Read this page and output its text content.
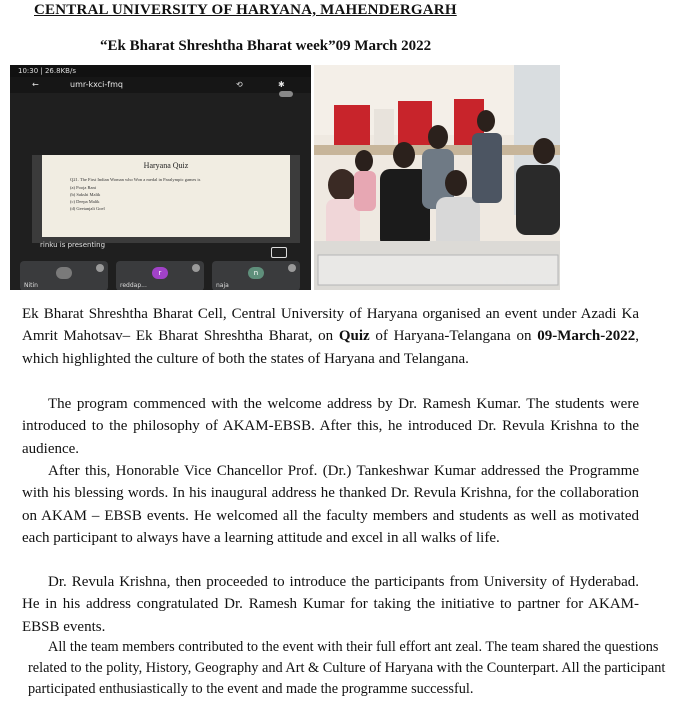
CENTRAL UNIVERSITY OF HARYANA, MAHENDERGARH
“Ek Bharat Shreshtha Bharat week”09 March 2022
10:30 | 26.8KB/s
←	umr-kxci-fmq	⟲	✱
Haryana Quiz
Q21. The First Indian Woman who Won a medal in Paralympic games is
(a) Pooja Rani
(b) Sakshi Malik
(c) Deepa Malik
(d) Geetanjali Goel
rinku is presenting
Nitin
r
reddap...
n
naja	MIXED DUAL CAMERA

Ek Bharat Shreshtha Bharat Cell, Central University of Haryana organised an event under Azadi Ka Amrit Mahotsav– Ek Bharat Shreshtha Bharat, on Quiz of Haryana-Telangana on 09-March-2022, which highlighted the culture of both the states of Haryana and Telangana.

The program commenced with the welcome address by Dr. Ramesh Kumar. The students were introduced to the philosophy of AKAM-EBSB. After this, he introduced Dr. Revula Krishna to the audience.

After this, Honorable Vice Chancellor Prof. (Dr.) Tankeshwar Kumar addressed the Programme with his blessing words. In his inaugural address he thanked Dr. Revula Krishna, for the collaboration on AKAM – EBSB events. He welcomed all the faculty members and students as well as motivated each participant to always have a learning attitude and excel in all walks of life.

Dr. Revula Krishna, then proceeded to introduce the participants from University of Hyderabad. He in his address congratulated Dr. Ramesh Kumar for taking the initiative to partner for AKAM-EBSB events.

All the team members contributed to the event with their full effort ant zeal. The team shared the questions related to the polity, History, Geography and Art & Culture of Haryana with the Counterpart. All the participant participated enthusiastically to the event and made the programme successful.
